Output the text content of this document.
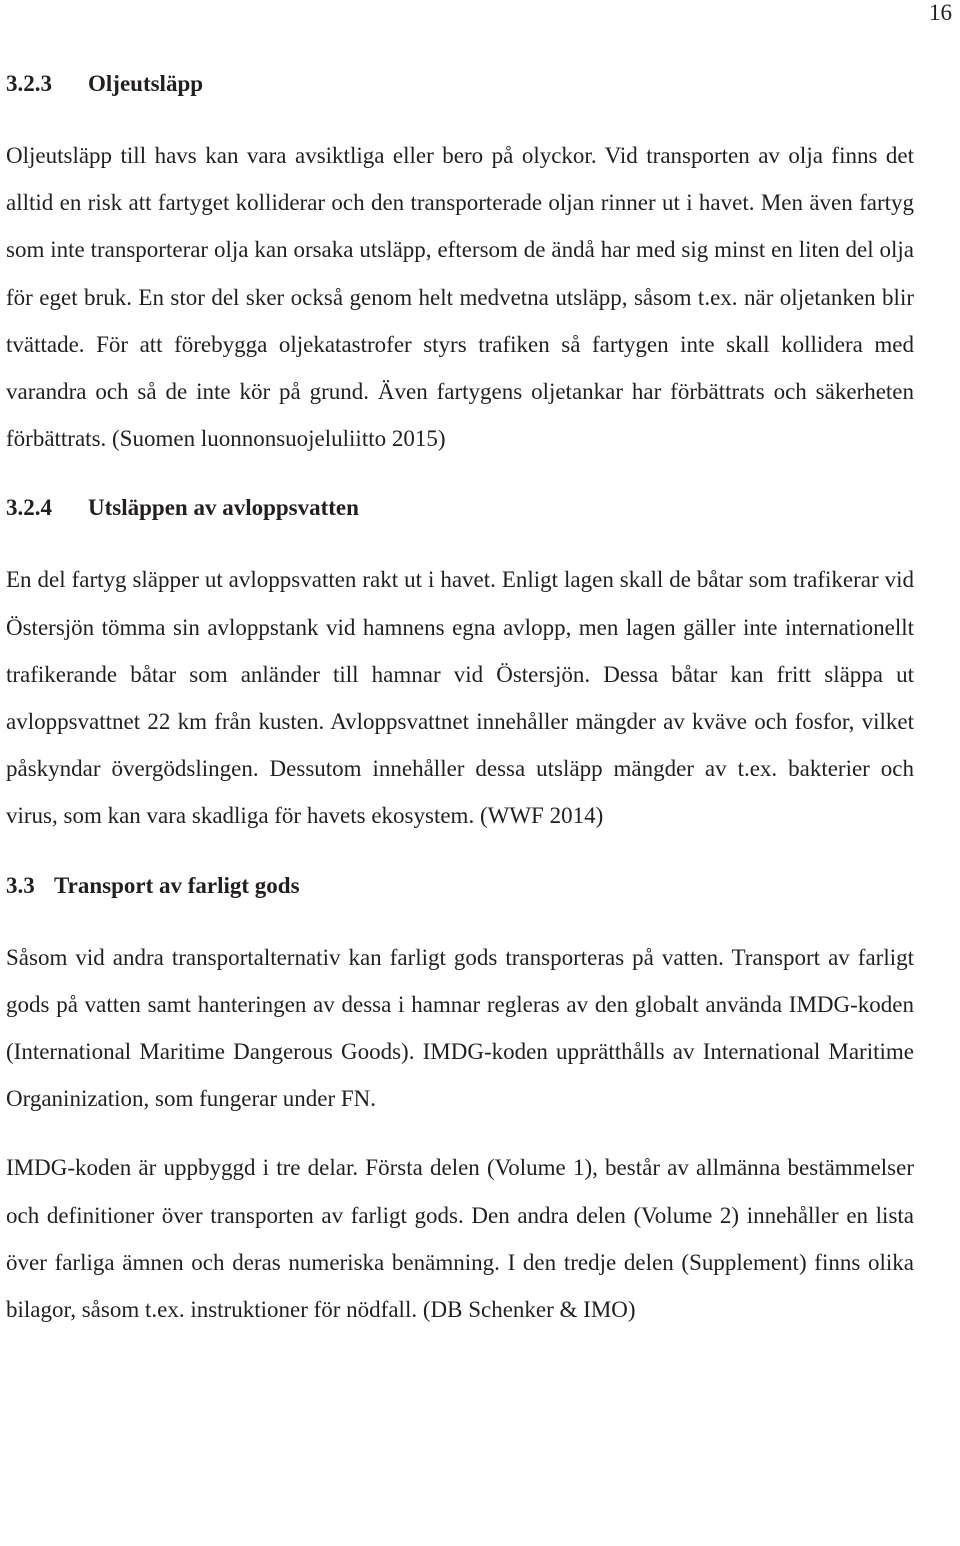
16
3.2.3 Oljeutsläpp

Oljeutsläpp till havs kan vara avsiktliga eller bero på olyckor. Vid transporten av olja finns det alltid en risk att fartyget kolliderar och den transporterade oljan rinner ut i havet. Men även fartyg som inte transporterar olja kan orsaka utsläpp, eftersom de ändå har med sig minst en liten del olja för eget bruk. En stor del sker också genom helt medvetna utsläpp, såsom t.ex. när oljetanken blir tvättade. För att förebygga oljekatastrofer styrs trafiken så fartygen inte skall kollidera med varandra och så de inte kör på grund. Även fartygens oljetankar har förbättrats och säkerheten förbättrats. (Suomen luonnonsuojeluliitto 2015)

3.2.4 Utsläppen av avloppsvatten

En del fartyg släpper ut avloppsvatten rakt ut i havet. Enligt lagen skall de båtar som trafikerar vid Östersjön tömma sin avloppstank vid hamnens egna avlopp, men lagen gäller inte internationellt trafikerande båtar som anländer till hamnar vid Östersjön. Dessa båtar kan fritt släppa ut avloppsvattnet 22 km från kusten. Avloppsvattnet innehåller mängder av kväve och fosfor, vilket påskyndar övergödslingen. Dessutom innehåller dessa utsläpp mängder av t.ex. bakterier och virus, som kan vara skadliga för havets ekosystem. (WWF 2014)

3.3 Transport av farligt gods

Såsom vid andra transportalternativ kan farligt gods transporteras på vatten. Transport av farligt gods på vatten samt hanteringen av dessa i hamnar regleras av den globalt använda IMDG-koden (International Maritime Dangerous Goods). IMDG-koden upprätthålls av International Maritime Organinization, som fungerar under FN.

IMDG-koden är uppbyggd i tre delar. Första delen (Volume 1), består av allmänna bestämmelser och definitioner över transporten av farligt gods. Den andra delen (Volume 2) innehåller en lista över farliga ämnen och deras numeriska benämning. I den tredje delen (Supplement) finns olika bilagor, såsom t.ex. instruktioner för nödfall. (DB Schenker & IMO)
